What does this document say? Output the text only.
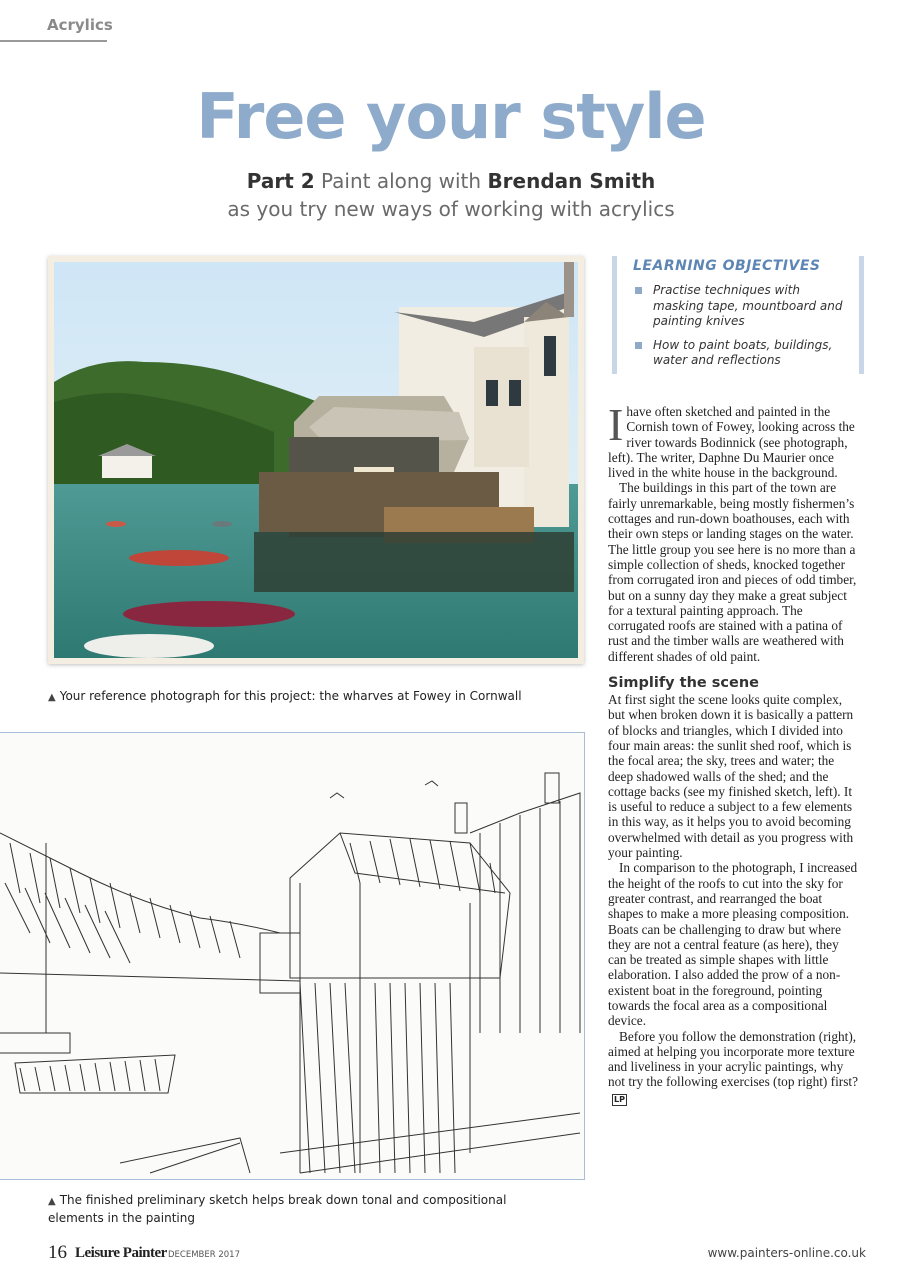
Acrylics
Free your style
Part 2 Paint along with Brendan Smith
as you try new ways of working with acrylics
▲ Your reference photograph for this project: the wharves at Fowey in Cornwall
▲ The finished preliminary sketch helps break down tonal and compositional elements in the painting
LEARNING OBJECTIVES
Practise techniques with masking tape, mountboard and painting knives
How to paint boats, buildings, water and reflections

Ihave often sketched and painted in the Cornish town of Fowey, looking across the river towards Bodinnick (see photograph, left). The writer, Daphne Du Maurier once lived in the white house in the background.

The buildings in this part of the town are fairly unremarkable, being mostly fishermen’s cottages and run-down boathouses, each with their own steps or landing stages on the water. The little group you see here is no more than a simple collection of sheds, knocked together from corrugated iron and pieces of odd timber, but on a sunny day they make a great subject for a textural painting approach. The corrugated roofs are stained with a patina of rust and the timber walls are weathered with different shades of old paint.

Simplify the scene

At first sight the scene looks quite complex, but when broken down it is basically a pattern of blocks and triangles, which I divided into four main areas: the sunlit shed roof, which is the focal area; the sky, trees and water; the deep shadowed walls of the shed; and the cottage backs (see my finished sketch, left). It is useful to reduce a subject to a few elements in this way, as it helps you to avoid becoming overwhelmed with detail as you progress with your painting.

In comparison to the photograph, I increased the height of the roofs to cut into the sky for greater contrast, and rearranged the boat shapes to make a more pleasing composition. Boats can be challenging to draw but where they are not a central feature (as here), they can be treated as simple shapes with little elaboration. I also added the prow of a non-existent boat in the foreground, pointing towards the focal area as a compositional device.

Before you follow the demonstration (right), aimed at helping you incorporate more texture and liveliness in your acrylic paintings, why not try the following exercises (top right) first?LP

16 Leisure Painter DECEMBER 2017	www.painters-online.co.uk
